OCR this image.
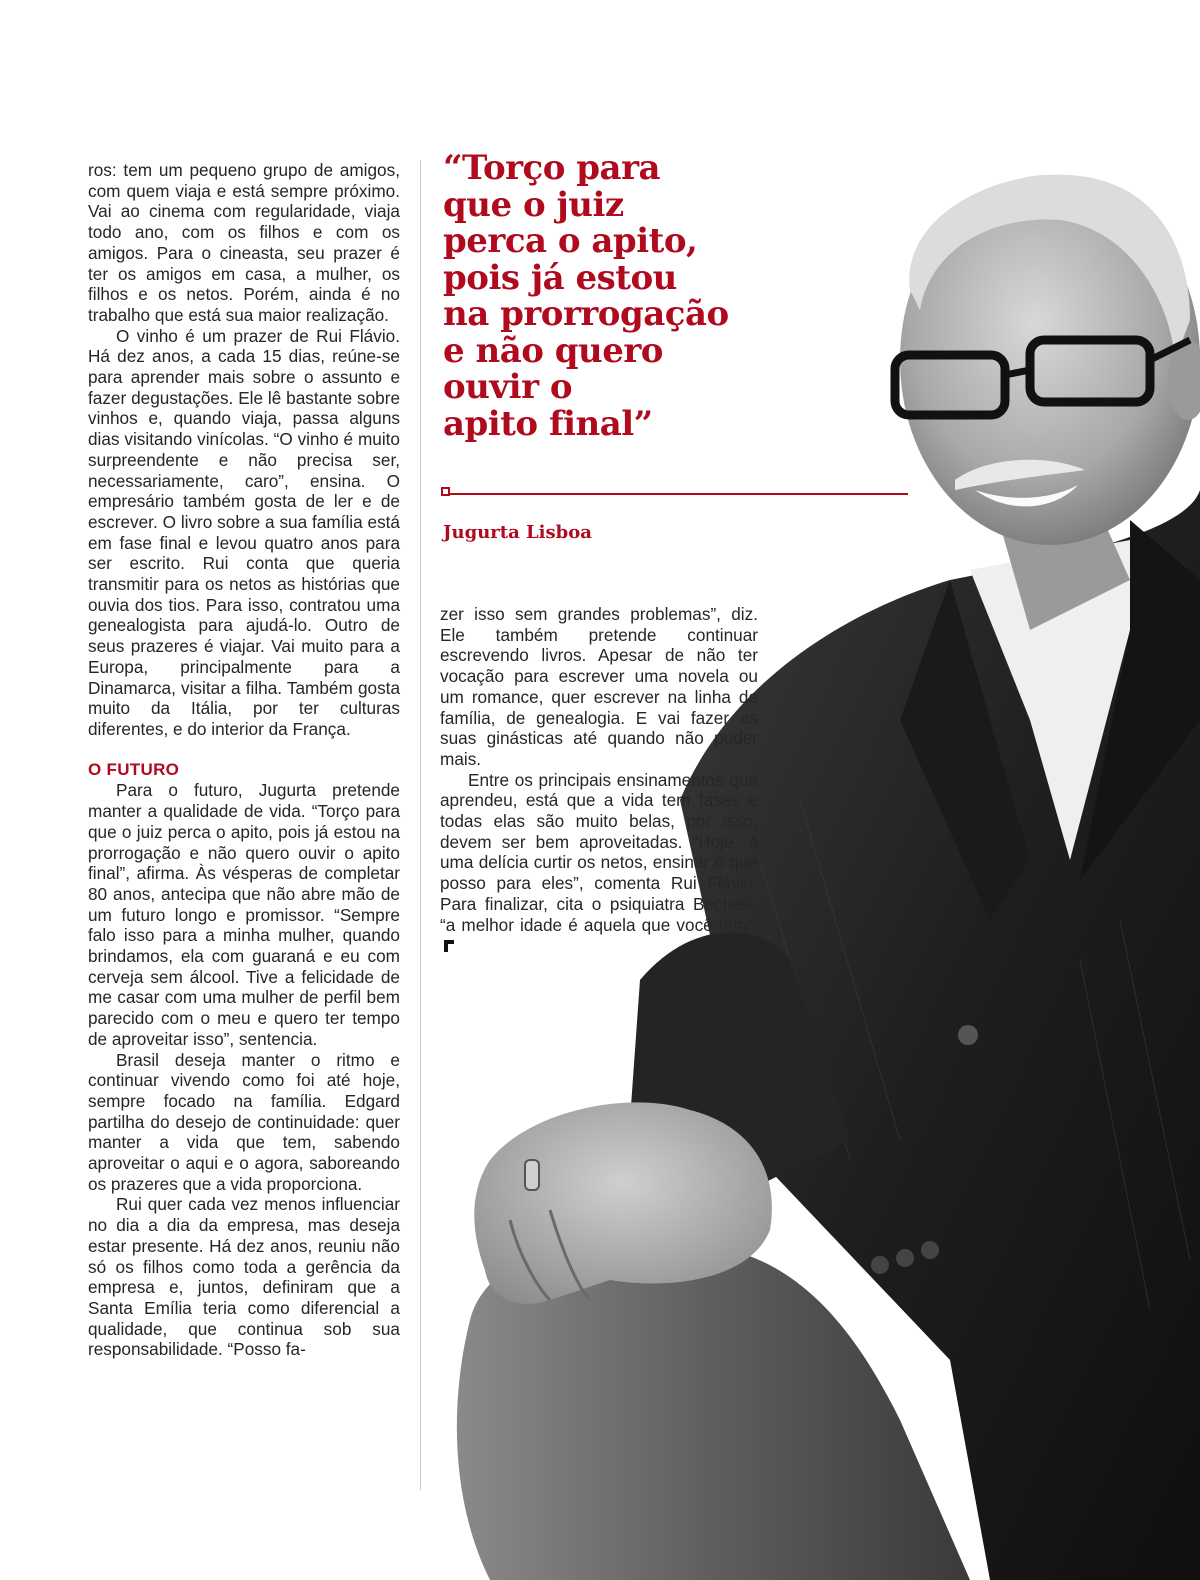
ros: tem um pequeno grupo de amigos, com quem viaja e está sempre próximo. Vai ao cinema com regularidade, viaja todo ano, com os filhos e com os amigos. Para o cineasta, seu prazer é ter os amigos em casa, a mulher, os filhos e os netos. Porém, ainda é no trabalho que está sua maior realização.

O vinho é um prazer de Rui Flávio. Há dez anos, a cada 15 dias, reúne-se para aprender mais sobre o assunto e fazer degustações. Ele lê bastante sobre vinhos e, quando viaja, passa alguns dias visitando vinícolas. “O vinho é muito surpreendente e não precisa ser, necessariamente, caro”, ensina. O empresário também gosta de ler e de escrever. O livro sobre a sua família está em fase final e levou quatro anos para ser escrito. Rui conta que queria transmitir para os netos as histórias que ouvia dos tios. Para isso, contratou uma genealogista para ajudá-lo. Outro de seus prazeres é viajar. Vai muito para a Europa, principalmente para a Dinamarca, visitar a filha. Também gosta muito da Itália, por ter culturas diferentes, e do interior da França.

O FUTURO

Para o futuro, Jugurta pretende manter a qualidade de vida. “Torço para que o juiz perca o apito, pois já estou na prorrogação e não quero ouvir o apito final”, afirma. Às vésperas de completar 80 anos, antecipa que não abre mão de um futuro longo e promissor. “Sempre falo isso para a minha mulher, quando brindamos, ela com guaraná e eu com cerveja sem álcool. Tive a felicidade de me casar com uma mulher de perfil bem parecido com o meu e quero ter tempo de aproveitar isso”, sentencia.

Brasil deseja manter o ritmo e continuar vivendo como foi até hoje, sempre focado na família. Edgard partilha do desejo de continuidade: quer manter a vida que tem, sabendo aproveitar o aqui e o agora, saboreando os prazeres que a vida proporciona.

Rui quer cada vez menos influenciar no dia a dia da empresa, mas deseja estar presente. Há dez anos, reuniu não só os filhos como toda a gerência da empresa e, juntos, definiram que a Santa Emília teria como diferencial a qualidade, que continua sob sua responsabilidade. “Posso fa-

“Torço para
que o juiz
perca o apito,
pois já estou
na prorrogação
e não quero
ouvir o
apito final”
Jugurta Lisboa

zer isso sem grandes problemas”, diz. Ele também pretende continuar escrevendo livros. Apesar de não ter vocação para escrever uma novela ou um romance, quer escrever na linha de família, de genealogia. E vai fazer as suas ginásticas até quando não puder mais.

Entre os principais ensinamentos que aprendeu, está que a vida tem fases e todas elas são muito belas, por isso, devem ser bem aproveitadas. “Hoje, é uma delícia curtir os netos, ensinar o que posso para eles”, comenta Rui Flávio. Para finalizar, cita o psiquiatra Bechelli: “a melhor idade é aquela que você tem”.
